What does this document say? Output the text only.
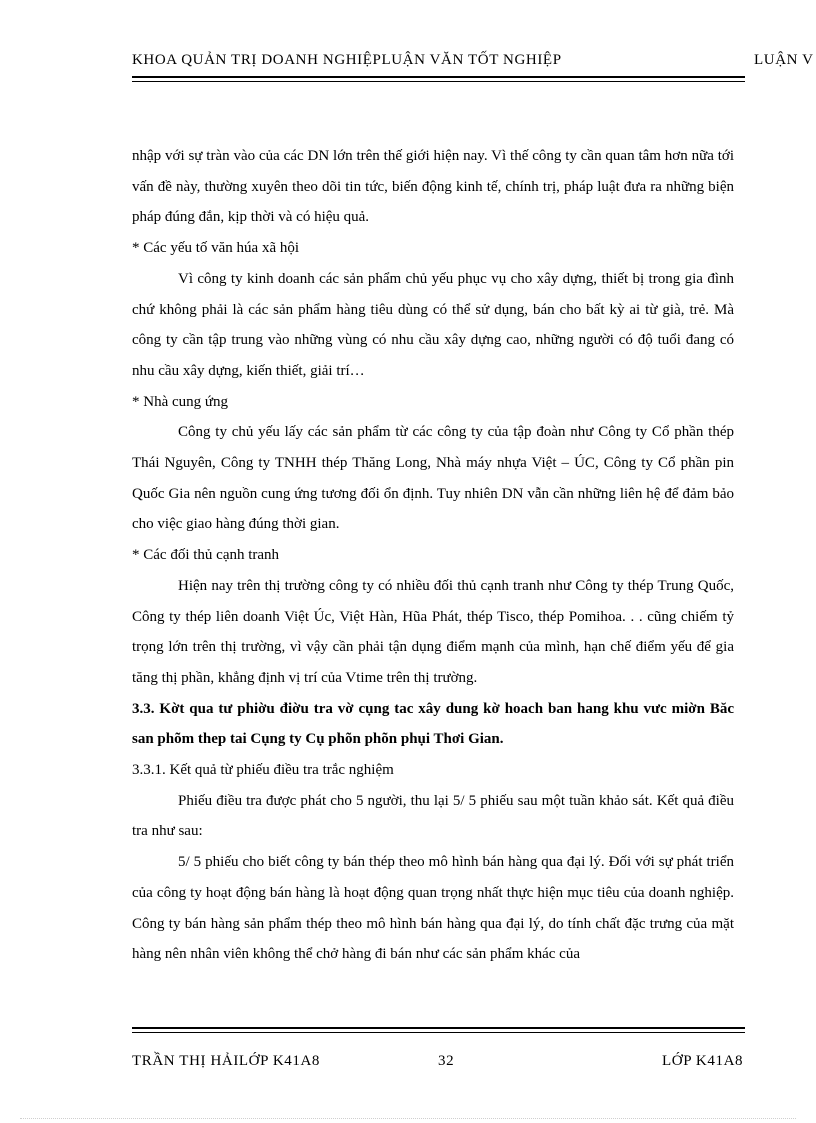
KHOA QUẢN TRỊ DOANH NGHIỆPLUẬN VĂN TỐT NGHIỆP	LUẬN V

nhập với sự tràn vào của các DN lớn trên thế giới hiện nay. Vì thế công ty cần quan tâm hơn nữa tới vấn đề này, thường xuyên theo dõi tin tức, biến động kinh tế, chính trị, pháp luật đưa ra những biện pháp đúng đắn, kịp thời và có hiệu quả.

* Các yếu tố văn húa xã hội

Vì công ty kinh doanh các sản phẩm chủ yếu phục vụ cho xây dựng, thiết bị trong gia đình chứ không phải là các sản phẩm hàng tiêu dùng có thể sử dụng, bán cho bất kỳ ai từ già, trẻ. Mà công ty cần tập trung vào những vùng có nhu cầu xây dựng cao, những người có độ tuổi đang có nhu cầu xây dựng, kiến thiết, giải trí…

* Nhà cung ứng

Công ty chủ yếu lấy các sản phẩm từ các công ty của tập đoàn như Công ty Cổ phần thép Thái Nguyên, Công ty TNHH thép Thăng Long, Nhà máy nhựa Việt – ÚC, Công ty Cổ phần pin Quốc Gia nên nguồn cung ứng tương đối ổn định. Tuy nhiên DN vẫn cần những liên hệ để đảm bảo cho việc giao hàng đúng thời gian.

* Các đối thủ cạnh tranh

Hiện nay trên thị trường công ty có nhiều đối thủ cạnh tranh như Công ty thép Trung Quốc, Công ty thép liên doanh Việt Úc, Việt Hàn, Hũa Phát, thép Tisco, thép Pomihoa. . . cũng chiếm tỷ trọng lớn trên thị trường, vì vậy cần phải tận dụng điểm mạnh của mình, hạn chế điểm yếu để gia tăng thị phần, khẳng định vị trí của Vtime trên thị trường.

3.3. Kờt qua tư phiờu điờu tra vờ cụng tac xây dung kờ hoach ban hang khu vưc miờn Băc san phõm thep tai Cụng ty Cụ phõn phõn phụi Thơi Gian.

3.3.1. Kết quả từ phiếu điều tra trắc nghiệm

Phiếu điều tra được phát cho 5 người, thu lại 5/ 5 phiếu sau một tuần khảo sát. Kết quả điều tra như sau:

5/ 5 phiếu cho biết công ty bán thép theo mô hình bán hàng qua đại lý. Đối với sự phát triển của công ty hoạt động bán hàng là hoạt động quan trọng nhất thực hiện mục tiêu của doanh nghiệp. Công ty bán hàng sản phẩm thép theo mô hình bán hàng qua đại lý, do tính chất đặc trưng của mặt hàng nên nhân viên không thể chở hàng đi bán như các sản phẩm khác của

TRẦN THỊ HẢILỚP K41A8	32	LỚP K41A8
